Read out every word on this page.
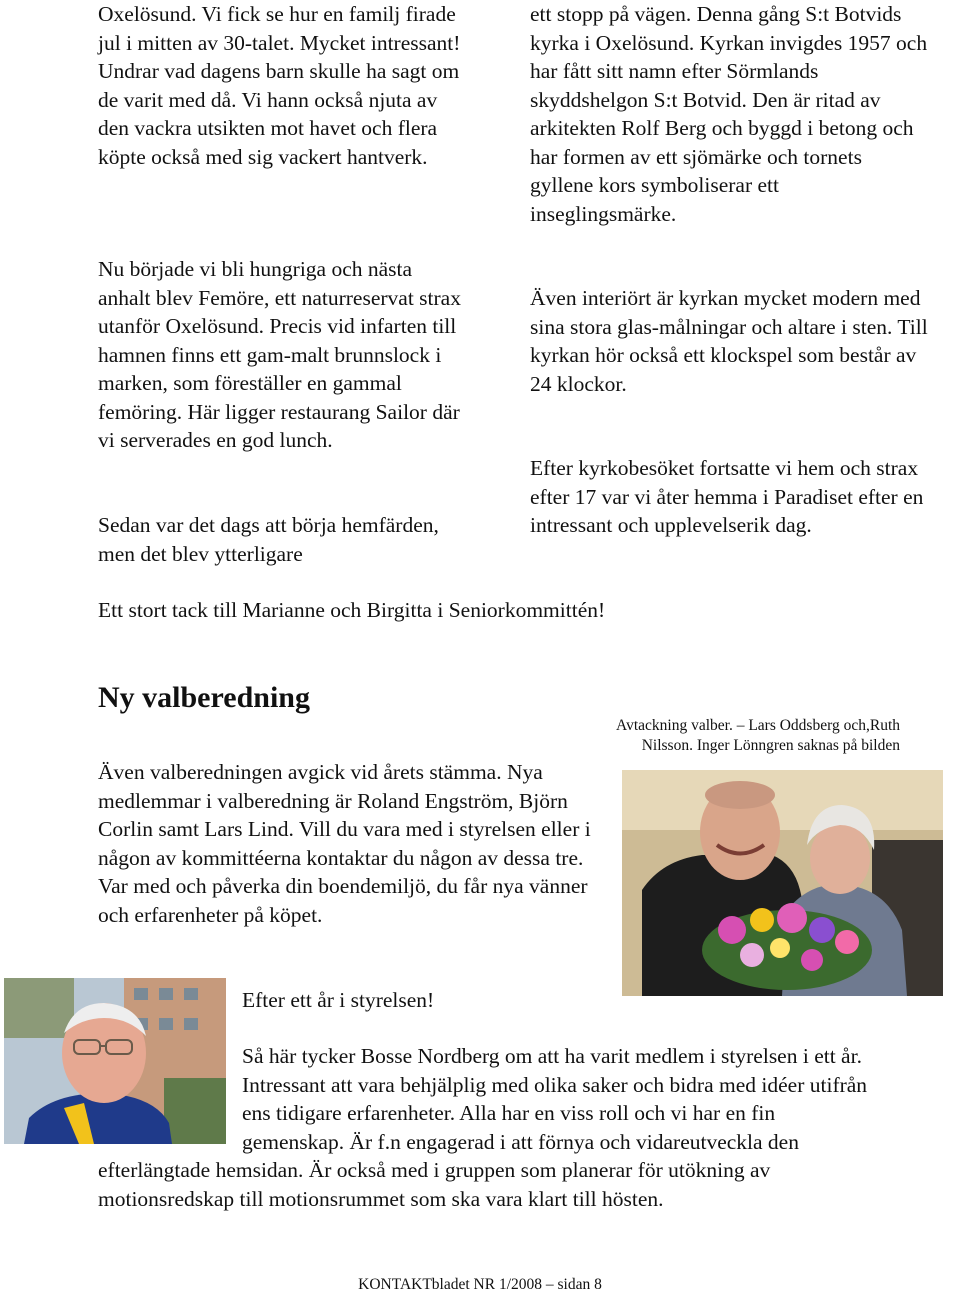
Oxelösund. Vi fick se hur en familj firade jul i mitten av 30-talet. Mycket intressant! Undrar vad dagens barn skulle ha sagt om de varit med då. Vi hann också njuta av den vackra utsikten mot havet och flera köpte också med sig vackert hantverk.

Nu började vi bli hungriga och nästa anhalt blev Femöre, ett naturreservat strax utanför Oxelösund. Precis vid infarten till hamnen finns ett gam-malt brunnslock i marken, som föreställer en gammal femöring. Här ligger restaurang Sailor där vi serverades en god lunch.

Sedan var det dags att börja hemfärden, men det blev ytterligare

ett stopp på vägen. Denna gång S:t Botvids kyrka i Oxelösund. Kyrkan invigdes 1957 och har fått sitt namn efter Sörmlands skyddshelgon S:t Botvid. Den är ritad av arkitekten Rolf Berg och byggd i betong och har formen av ett sjömärke och tornets gyllene kors symboliserar ett inseglingsmärke.

Även interiört är kyrkan mycket modern med sina stora glas-målningar och altare i sten. Till kyrkan hör också ett klockspel som består av 24 klockor.

Efter kyrkobesöket fortsatte vi hem och strax efter 17 var vi åter hemma i Paradiset efter en intressant och upplevelserik dag.

Ett stort tack till Marianne och Birgitta i Seniorkommittén!

Ny valberedning
Avtackning valber. – Lars Oddsberg och,Ruth
Nilsson. Inger Lönngren saknas på bilden

Även valberedningen avgick vid årets stämma. Nya medlemmar i valberedning är Roland Engström, Björn Corlin samt Lars Lind. Vill du vara med i styrelsen eller i någon av kommittéerna kontaktar du någon av dessa tre. Var med och påverka din boendemiljö, du får nya vänner och erfarenheter på köpet.

Efter ett år i styrelsen!

Så här tycker Bosse Nordberg om att ha varit medlem i styrelsen i ett år.

Intressant att vara behjälplig med olika saker och bidra med idéer utifrån

ens tidigare erfarenheter. Alla har en viss roll och vi har en fin

gemenskap. Är f.n engagerad i att förnya och vidareutveckla den

efterlängtade hemsidan. Är också med i gruppen som planerar för utökning av

motionsredskap till motionsrummet som ska vara klart till hösten.

KONTAKTbladet NR 1/2008 – sidan 8
